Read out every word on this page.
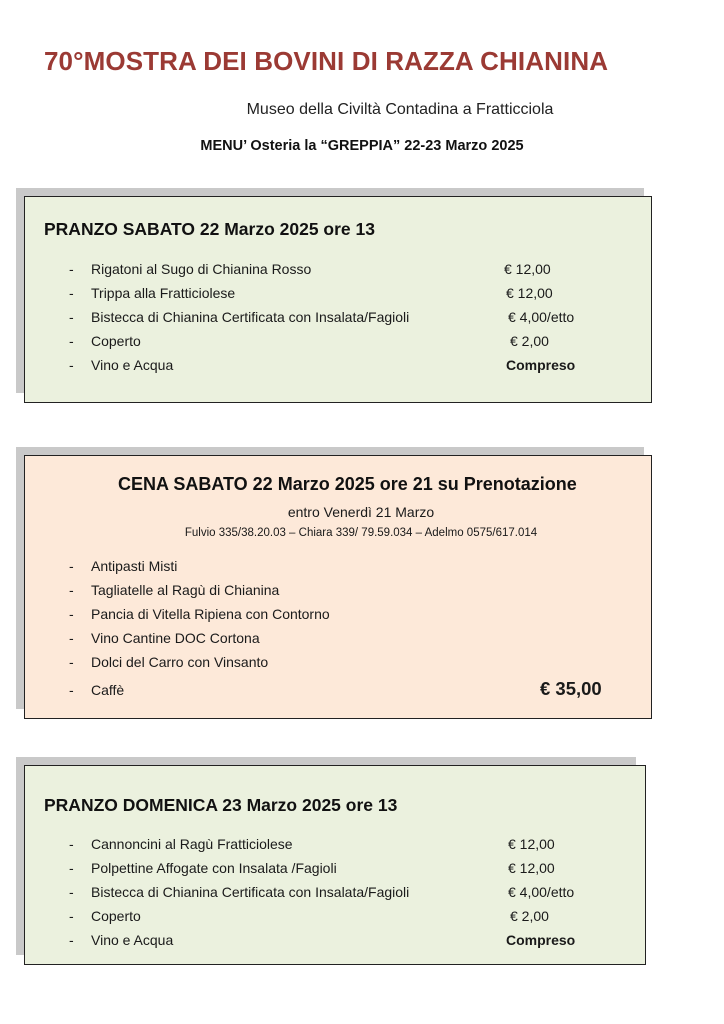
70°MOSTRA DEI BOVINI DI RAZZA CHIANINA
Museo della Civiltà Contadina a Fratticciola
MENU’ Osteria la “GREPPIA” 22-23 Marzo 2025
PRANZO SABATO 22 Marzo 2025 ore 13
- Rigatoni al Sugo di Chianina Rosso	€ 12,00
- Trippa alla Fratticiolese	€ 12,00
- Bistecca di Chianina Certificata con Insalata/Fagioli	€ 4,00/etto
- Coperto	€ 2,00
- Vino e Acqua	Compreso
CENA SABATO 22 Marzo 2025 ore 21 su Prenotazione
entro Venerdì 21 Marzo
Fulvio 335/38.20.03 – Chiara 339/ 79.59.034 – Adelmo 0575/617.014
- Antipasti Misti
- Tagliatelle al Ragù di Chianina
- Pancia di Vitella Ripiena con Contorno
- Vino Cantine DOC Cortona
- Dolci del Carro con Vinsanto
- Caffè	€ 35,00
PRANZO DOMENICA 23 Marzo 2025 ore 13
- Cannoncini al Ragù Fratticiolese	€ 12,00
- Polpettine Affogate con Insalata /Fagioli	€ 12,00
- Bistecca di Chianina Certificata con Insalata/Fagioli	€ 4,00/etto
- Coperto	€ 2,00
- Vino e Acqua	Compreso
